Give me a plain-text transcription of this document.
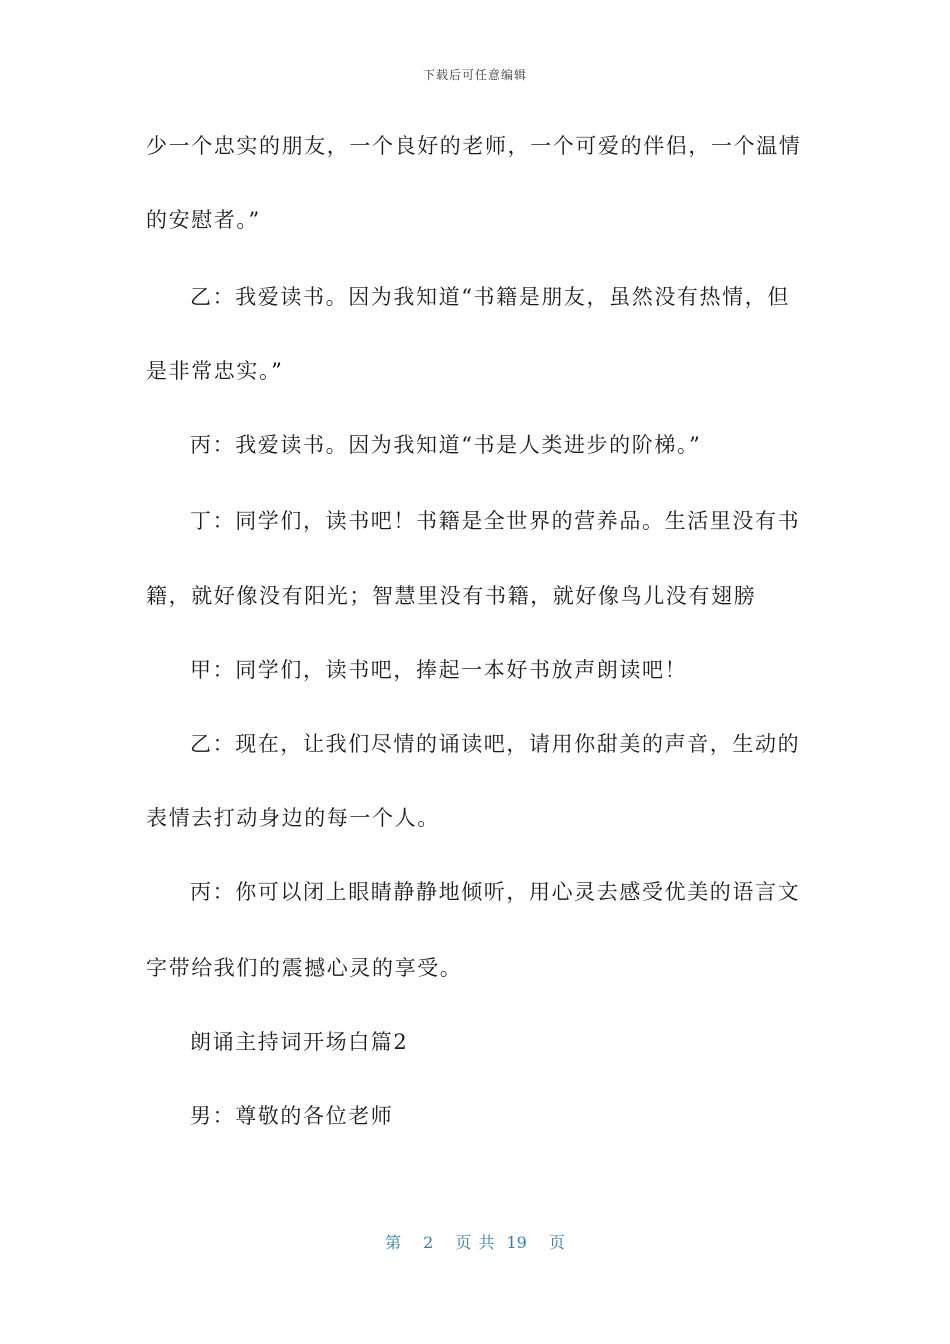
下载后可任意编辑
少一个忠实的朋友，一个良好的老师，一个可爱的伴侣，一个温情
的安慰者。”
乙：我爱读书。因为我知道“书籍是朋友，虽然没有热情，但
是非常忠实。”
丙：我爱读书。因为我知道“书是人类进步的阶梯。”
丁：同学们，读书吧！书籍是全世界的营养品。生活里没有书
籍，就好像没有阳光；智慧里没有书籍，就好像鸟儿没有翅膀
甲：同学们，读书吧，捧起一本好书放声朗读吧！
乙：现在，让我们尽情的诵读吧，请用你甜美的声音，生动的
表情去打动身边的每一个人。
丙：你可以闭上眼睛静静地倾听，用心灵去感受优美的语言文
字带给我们的震撼心灵的享受。
朗诵主持词开场白篇2
男：尊敬的各位老师
第 2 页 共 19 页
